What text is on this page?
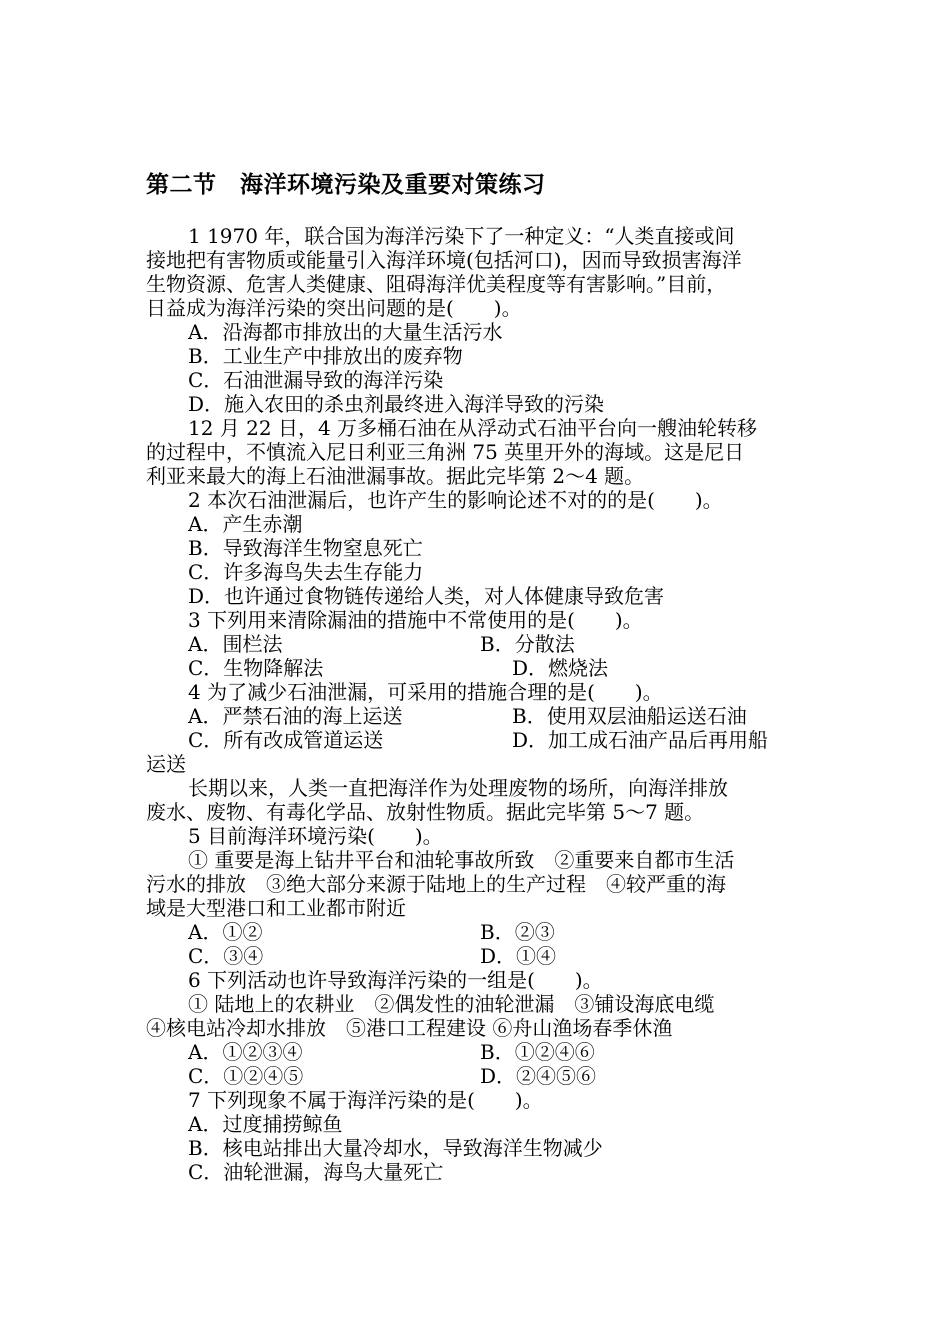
第二节　海洋环境污染及重要对策练习
1 1970 年，联合国为海洋污染下了一种定义：“人类直接或间
接地把有害物质或能量引入海洋环境(包括河口)，因而导致损害海洋
生物资源、危害人类健康、阻碍海洋优美程度等有害影响。”目前，
日益成为海洋污染的突出问题的是(　　)。
A．沿海都市排放出的大量生活污水
B．工业生产中排放出的废弃物
C．石油泄漏导致的海洋污染
D．施入农田的杀虫剂最终进入海洋导致的污染
12 月 22 日，4 万多桶石油在从浮动式石油平台向一艘油轮转移
的过程中，不慎流入尼日利亚三角洲 75 英里开外的海域。这是尼日
利亚来最大的海上石油泄漏事故。据此完毕第 2～4 题。
2 本次石油泄漏后，也许产生的影响论述不对的的是(　　)。
A．产生赤潮
B．导致海洋生物窒息死亡
C．许多海鸟失去生存能力
D．也许通过食物链传递给人类，对人体健康导致危害
3 下列用来清除漏油的措施中不常使用的是(　　)。
A．围栏法	B．分散法
C．生物降解法	D．燃烧法
4 为了减少石油泄漏，可采用的措施合理的是(　　)。
A．严禁石油的海上运送	B．使用双层油船运送石油
C．所有改成管道运送	D．加工成石油产品后再用船
运送
长期以来，人类一直把海洋作为处理废物的场所，向海洋排放
废水、废物、有毒化学品、放射性物质。据此完毕第 5～7 题。
5 目前海洋环境污染(　　)。
① 重要是海上钻井平台和油轮事故所致　②重要来自都市生活
污水的排放　③绝大部分来源于陆地上的生产过程　④较严重的海
域是大型港口和工业都市附近
A．①②	B．②③
C．③④	D．①④
6 下列活动也许导致海洋污染的一组是(　　)。
① 陆地上的农耕业　②偶发性的油轮泄漏　③铺设海底电缆
④核电站冷却水排放　⑤港口工程建设 ⑥舟山渔场春季休渔
A．①②③④	B．①②④⑥
C．①②④⑤	D．②④⑤⑥
7 下列现象不属于海洋污染的是(　　)。
A．过度捕捞鲸鱼
B．核电站排出大量冷却水，导致海洋生物减少
C．油轮泄漏，海鸟大量死亡
